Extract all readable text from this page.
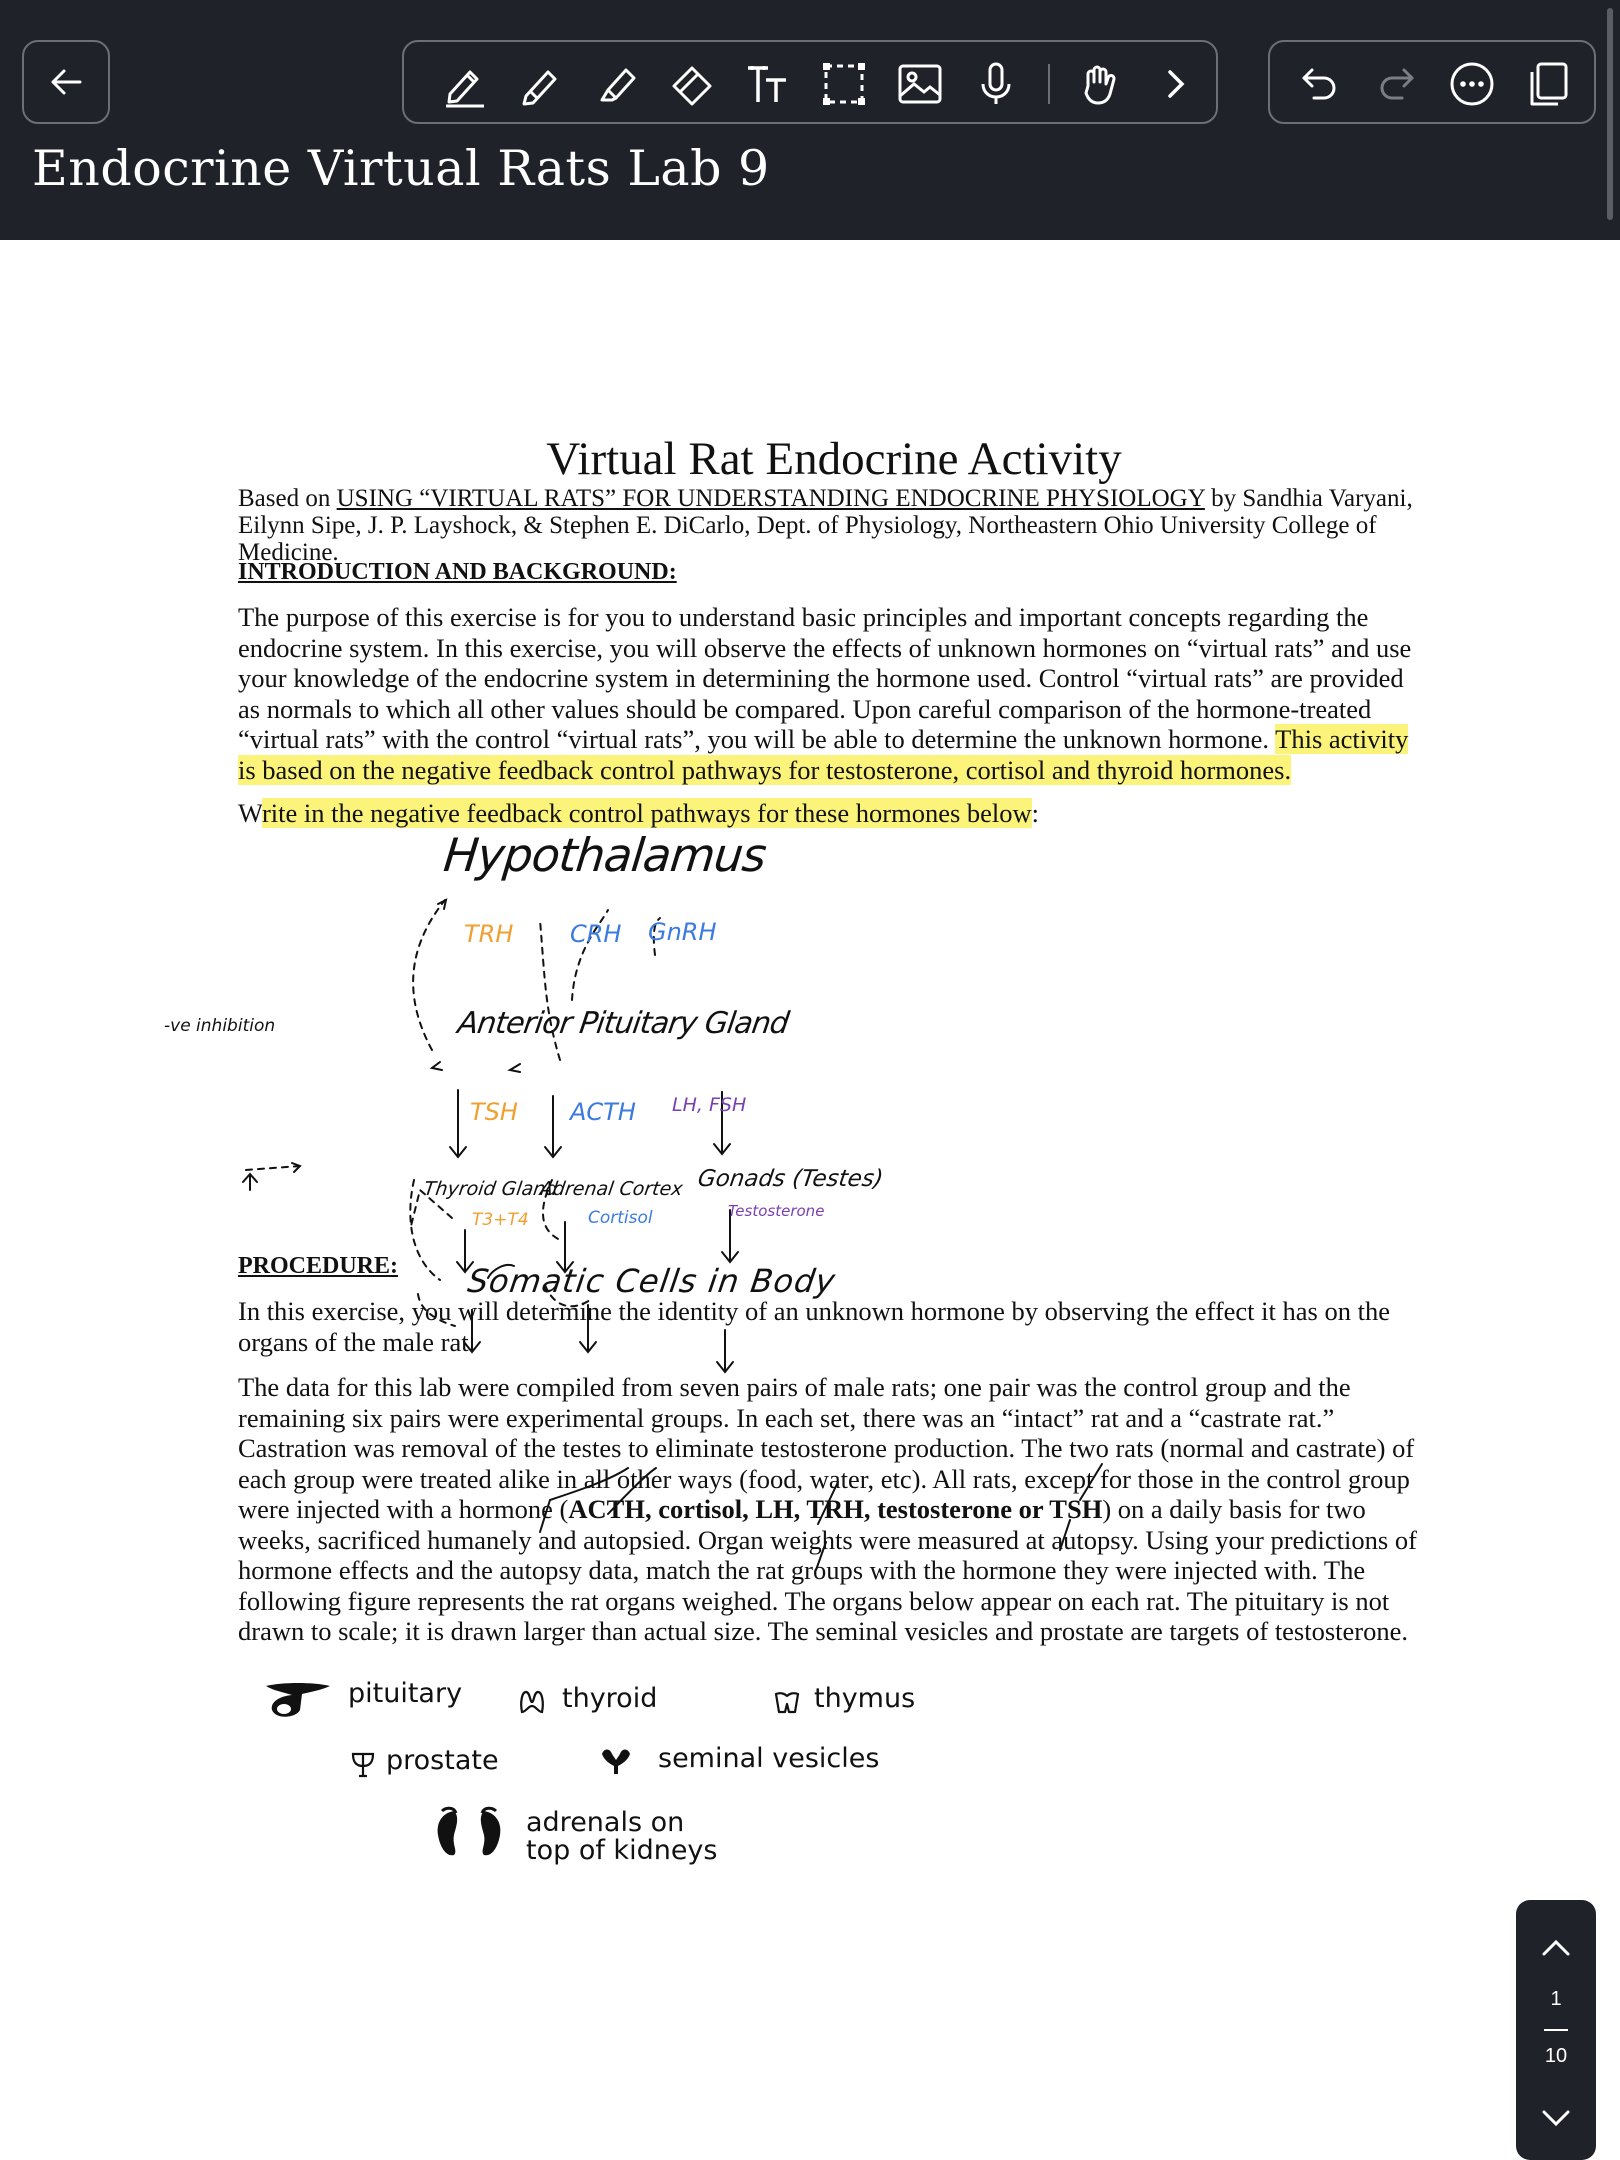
Endocrine Virtual Rats Lab 9
Virtual Rat Endocrine Activity
Based on USING “VIRTUAL RATS” FOR UNDERSTANDING ENDOCRINE PHYSIOLOGY by Sandhia Varyani,
Eilynn Sipe, J. P. Layshock, & Stephen E. DiCarlo, Dept. of Physiology, Northeastern Ohio University College of Medicine.
INTRODUCTION AND BACKGROUND:
The purpose of this exercise is for you to understand basic principles and important concepts regarding the
endocrine system. In this exercise, you will observe the effects of unknown hormones on “virtual rats” and use
your knowledge of the endocrine system in determining the hormone used. Control “virtual rats” are provided
as normals to which all other values should be compared. Upon careful comparison of the hormone-treated
“virtual rats” with the control “virtual rats”, you will be able to determine the unknown hormone. This activity
is based on the negative feedback control pathways for testosterone, cortisol and thyroid hormones.
Write in the negative feedback control pathways for these hormones below:
Hypothalamus
TRH CRH GnRH
-ve inhibition	Anterior Pituitary Gland
TSH ACTH LH, FSH
Thyroid Gland
Adrenal Cortex Gonads (Testes)
T3+T4	Cortisol	Testosterone
Somatic Cells in Body
PROCEDURE:
In this exercise, you will determine the identity of an unknown hormone by observing the effect it has on the
organs of the male rat.
The data for this lab were compiled from seven pairs of male rats; one pair was the control group and the
remaining six pairs were experimental groups. In each set, there was an “intact” rat and a “castrate rat.”
Castration was removal of the testes to eliminate testosterone production. The two rats (normal and castrate) of
each group were treated alike in all other ways (food, water, etc). All rats, except for those in the control group
were injected with a hormone (ACTH, cortisol, LH, TRH, testosterone or TSH) on a daily basis for two
weeks, sacrificed humanely and autopsied. Organ weights were measured at autopsy. Using your predictions of
hormone effects and the autopsy data, match the rat groups with the hormone they were injected with. The
following figure represents the rat organs weighed. The organs below appear on each rat. The pituitary is not
drawn to scale; it is drawn larger than actual size. The seminal vesicles and prostate are targets of testosterone.
pituitary	thyroid	thymus
prostate	seminal vesicles
adrenals on
top of kidneys
1
10
